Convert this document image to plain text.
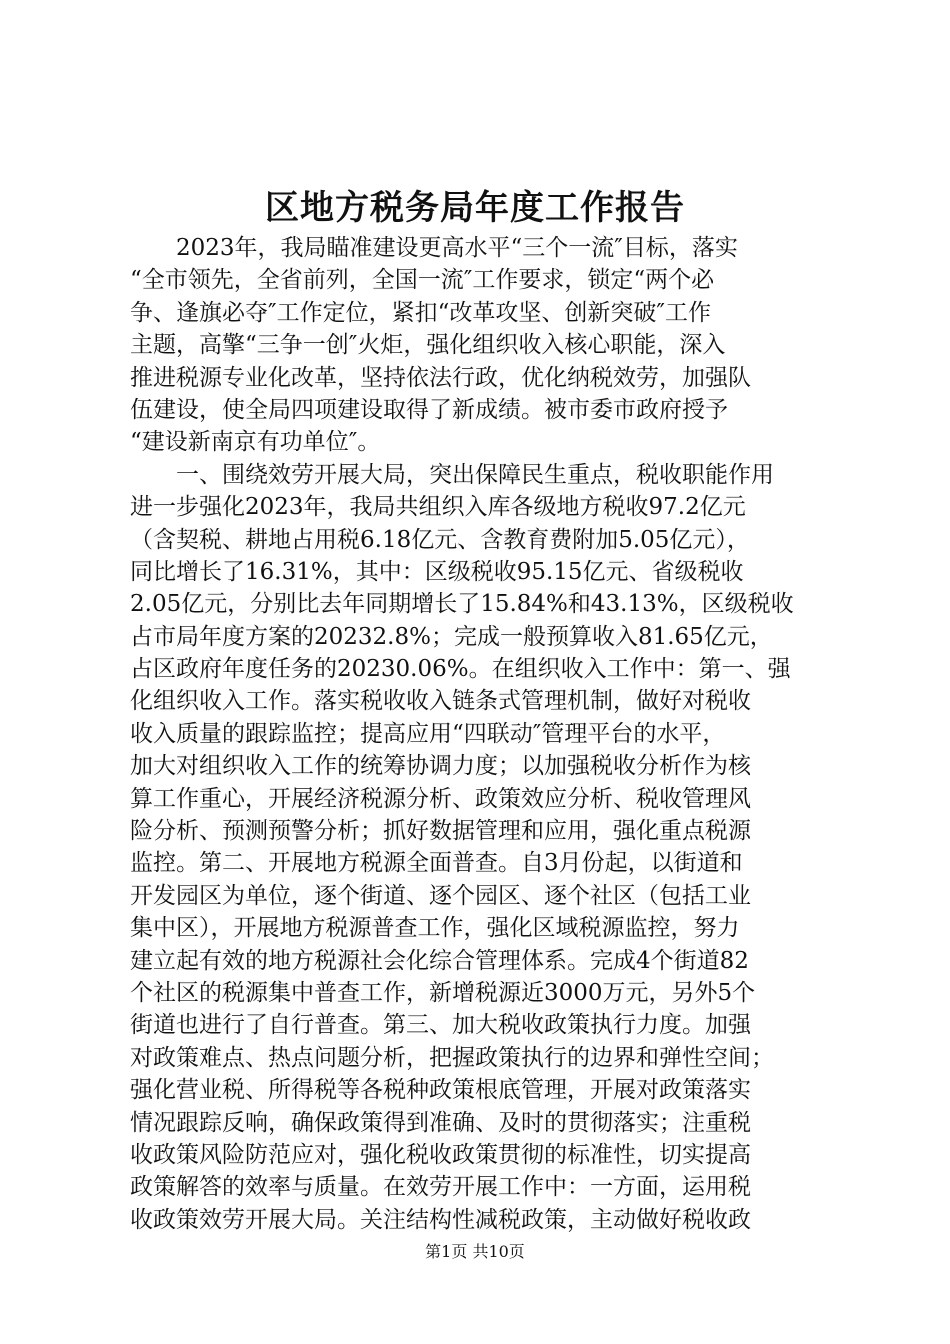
区地方税务局年度工作报告
　　2023年，我局瞄准建设更高水平“三个一流″目标，落实
“全市领先，全省前列，全国一流″工作要求，锁定“两个必
争、逢旗必夺″工作定位，紧扣“改革攻坚、创新突破″工作
主题，高擎“三争一创″火炬，强化组织收入核心职能，深入
推进税源专业化改革，坚持依法行政，优化纳税效劳，加强队
伍建设，使全局四项建设取得了新成绩。被市委市政府授予
“建设新南京有功单位″。
　　一、围绕效劳开展大局，突出保障民生重点，税收职能作用
进一步强化2023年，我局共组织入库各级地方税收97.2亿元
（含契税、耕地占用税6.18亿元、含教育费附加5.05亿元），
同比增长了16.31%，其中：区级税收95.15亿元、省级税收
2.05亿元，分别比去年同期增长了15.84%和43.13%，区级税收
占市局年度方案的20232.8%；完成一般预算收入81.65亿元，
占区政府年度任务的20230.06%。在组织收入工作中：第一、强
化组织收入工作。落实税收收入链条式管理机制，做好对税收
收入质量的跟踪监控；提高应用“四联动″管理平台的水平，
加大对组织收入工作的统筹协调力度；以加强税收分析作为核
算工作重心，开展经济税源分析、政策效应分析、税收管理风
险分析、预测预警分析；抓好数据管理和应用，强化重点税源
监控。第二、开展地方税源全面普查。自3月份起，以街道和
开发园区为单位，逐个街道、逐个园区、逐个社区（包括工业
集中区），开展地方税源普查工作，强化区域税源监控，努力
建立起有效的地方税源社会化综合管理体系。完成4个街道82
个社区的税源集中普查工作，新增税源近3000万元，另外5个
街道也进行了自行普查。第三、加大税收政策执行力度。加强
对政策难点、热点问题分析，把握政策执行的边界和弹性空间；
强化营业税、所得税等各税种政策根底管理，开展对政策落实
情况跟踪反响，确保政策得到准确、及时的贯彻落实；注重税
收政策风险防范应对，强化税收政策贯彻的标准性，切实提高
政策解答的效率与质量。在效劳开展工作中：一方面，运用税
收政策效劳开展大局。关注结构性减税政策，主动做好税收政
第1页 共10页
